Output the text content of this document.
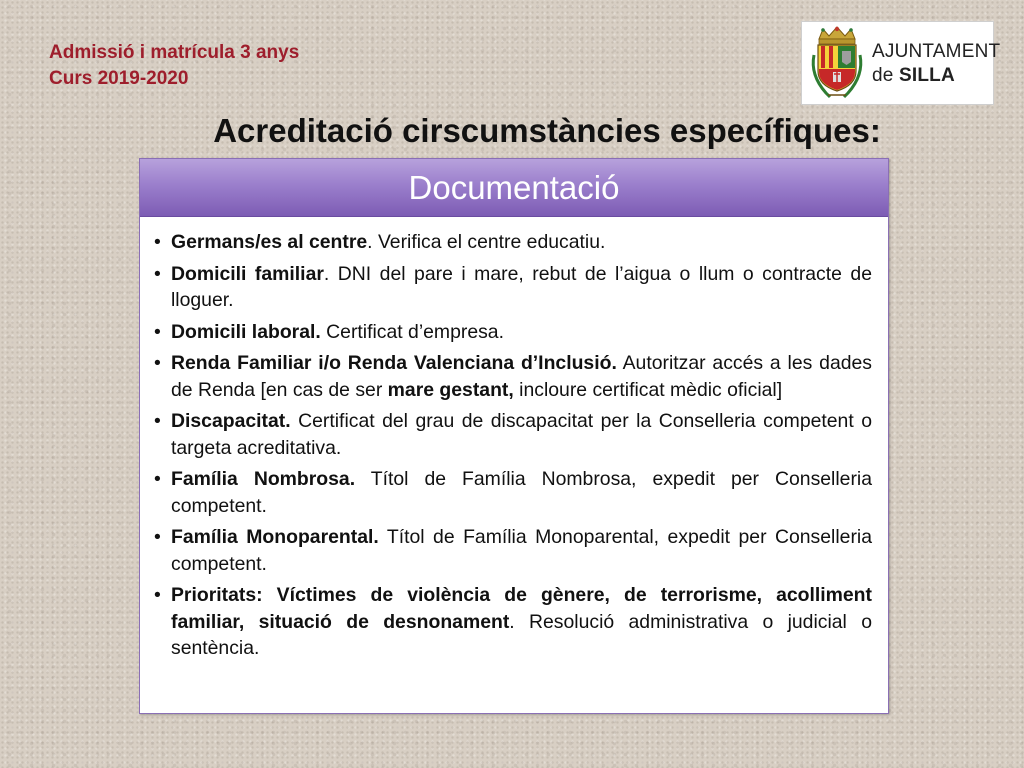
Admissió i matrícula 3 anys
Curs 2019-2020
AJUNTAMENT
de SILLA
Acreditació cirscumstàncies específiques:
Documentació
• Germans/es al centre. Verifica el centre educatiu.
• Domicili familiar. DNI del pare i mare, rebut de l’aigua o llum o contracte de lloguer.
• Domicili laboral. Certificat d’empresa.
• Renda Familiar i/o Renda Valenciana d’Inclusió. Autoritzar accés a les dades de Renda [en cas de ser mare gestant, incloure certificat mèdic oficial]
• Discapacitat. Certificat del grau de discapacitat per la Conselleria competent o targeta acreditativa.
• Família Nombrosa. Títol de Família Nombrosa, expedit per Conselleria competent.
• Família Monoparental. Títol de Família Monoparental, expedit per Conselleria competent.
• Prioritats: Víctimes de violència de gènere, de terrorisme, acolliment familiar, situació de desnonament. Resolució administrativa o judicial o sentència.
